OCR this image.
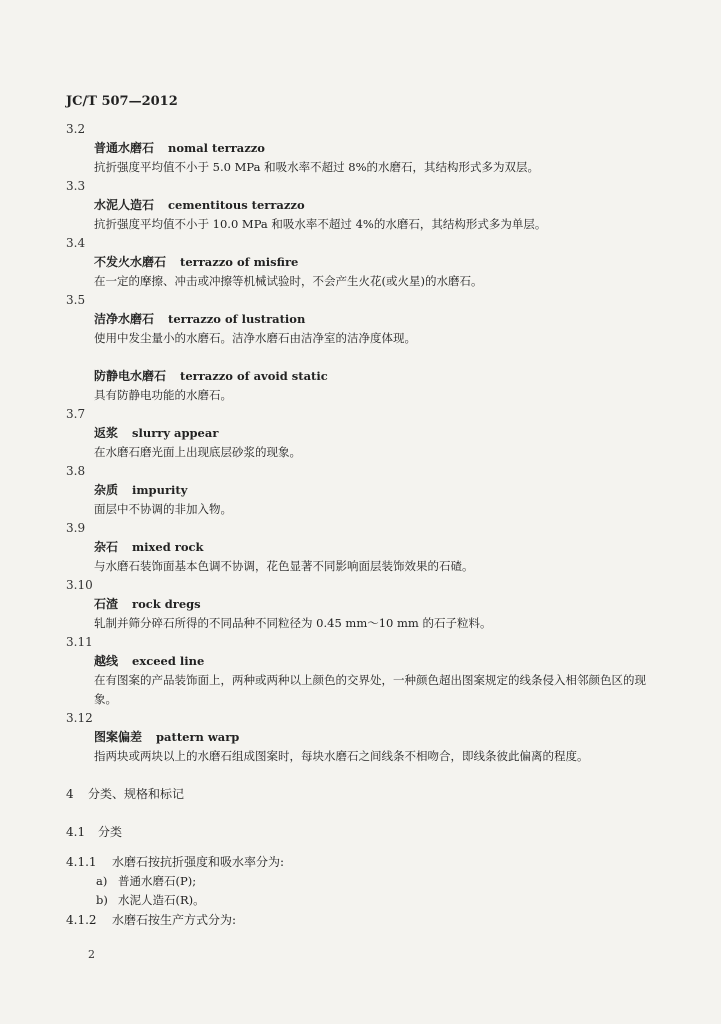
JC/T 507—2012
3.2
普通水磨石 nomal terrazzo
抗折强度平均值不小于 5.0 MPa 和吸水率不超过 8%的水磨石，其结构形式多为双层。
3.3
水泥人造石 cementitous terrazzo
抗折强度平均值不小于 10.0 MPa 和吸水率不超过 4%的水磨石，其结构形式多为单层。
3.4
不发火水磨石 terrazzo of misfire
在一定的摩擦、冲击或冲擦等机械试验时，不会产生火花(或火星)的水磨石。
3.5
洁净水磨石 terrazzo of lustration
使用中发尘量小的水磨石。洁净水磨石由洁净室的洁净度体现。
防静电水磨石 terrazzo of avoid static
具有防静电功能的水磨石。
3.7
返浆 slurry appear
在水磨石磨光面上出现底层砂浆的现象。
3.8
杂质 impurity
面层中不协调的非加入物。
3.9
杂石 mixed rock
与水磨石装饰面基本色调不协调，花色显著不同影响面层装饰效果的石碴。
3.10
石渣 rock dregs
轧制并筛分碎石所得的不同品种不同粒径为 0.45 mm～10 mm 的石子粒料。
3.11
越线 exceed line
在有图案的产品装饰面上，两种或两种以上颜色的交界处，一种颜色超出图案规定的线条侵入相邻颜色区的现象。
3.12
图案偏差 pattern warp
指两块或两块以上的水磨石组成图案时，每块水磨石之间线条不相吻合，即线条彼此偏离的程度。
4 分类、规格和标记
4.1 分类
4.1.1 水磨石按抗折强度和吸水率分为:
a) 普通水磨石(P);
b) 水泥人造石(R)。
4.1.2 水磨石按生产方式分为:
2
